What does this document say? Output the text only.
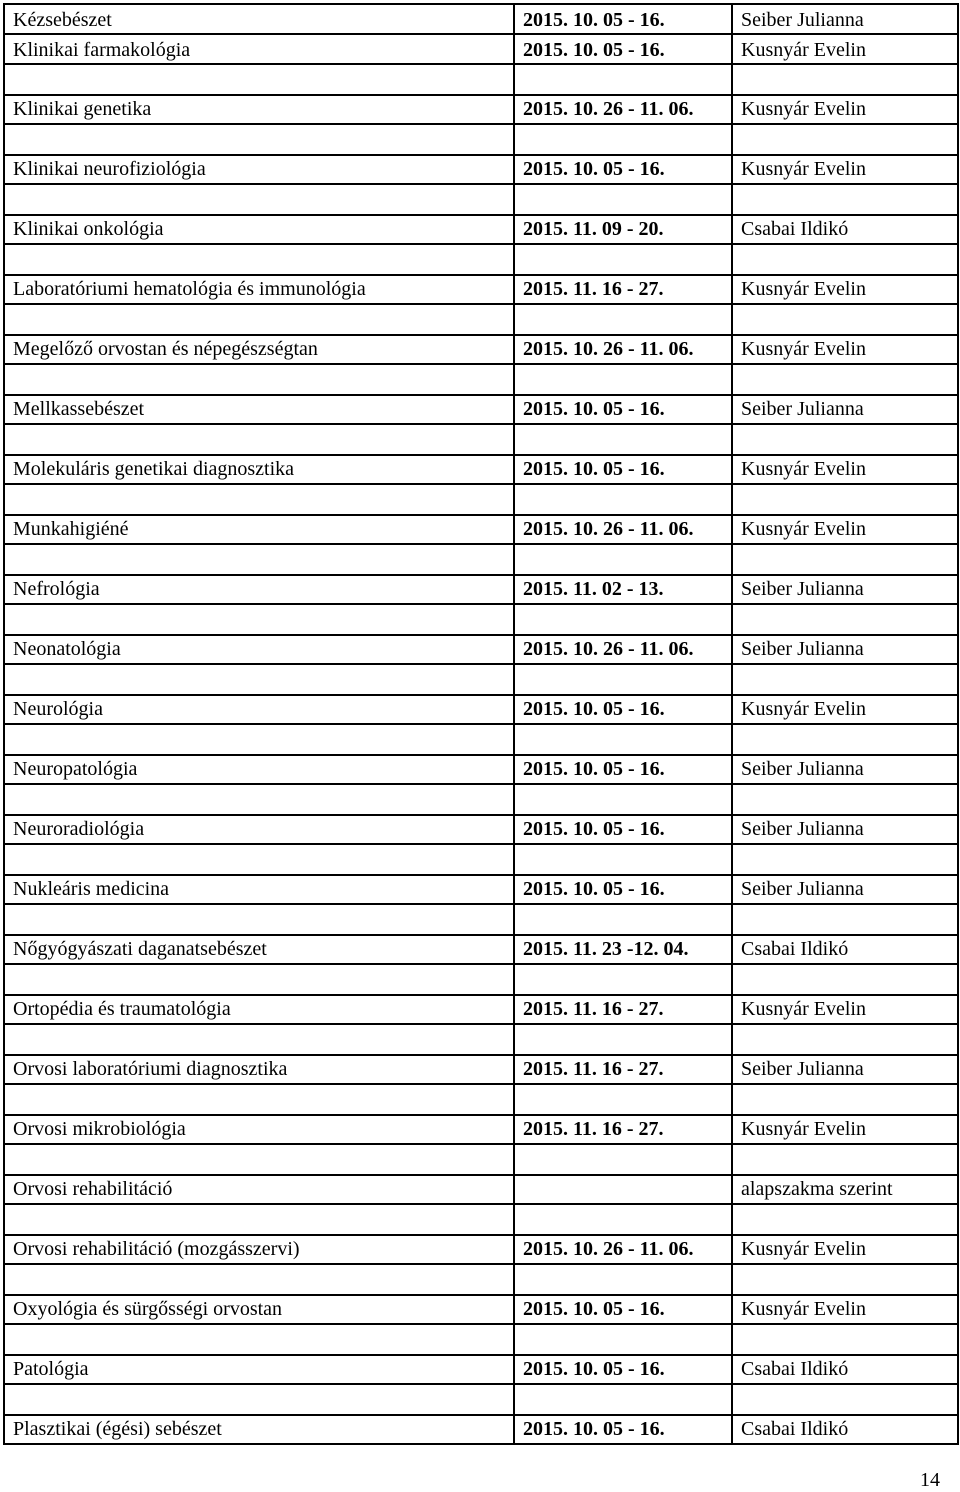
Kézsebészet	2015. 10. 05 - 16.	Seiber Julianna
Klinikai farmakológia	2015. 10. 05 - 16.	Kusnyár Evelin

Klinikai genetika	2015. 10. 26 - 11. 06.	Kusnyár Evelin

Klinikai neurofiziológia	2015. 10. 05 - 16.	Kusnyár Evelin

Klinikai onkológia	2015. 11. 09 - 20.	Csabai Ildikó

Laboratóriumi hematológia és immunológia	2015. 11. 16 - 27.	Kusnyár Evelin

Megelőző orvostan és népegészségtan	2015. 10. 26 - 11. 06.	Kusnyár Evelin

Mellkassebészet	2015. 10. 05 - 16.	Seiber Julianna

Molekuláris genetikai diagnosztika	2015. 10. 05 - 16.	Kusnyár Evelin

Munkahigiéné	2015. 10. 26 - 11. 06.	Kusnyár Evelin

Nefrológia	2015. 11. 02 - 13.	Seiber Julianna

Neonatológia	2015. 10. 26 - 11. 06.	Seiber Julianna

Neurológia	2015. 10. 05 - 16.	Kusnyár Evelin

Neuropatológia	2015. 10. 05 - 16.	Seiber Julianna

Neuroradiológia	2015. 10. 05 - 16.	Seiber Julianna

Nukleáris medicina	2015. 10. 05 - 16.	Seiber Julianna

Nőgyógyászati daganatsebészet	2015. 11. 23 -12. 04.	Csabai Ildikó

Ortopédia és traumatológia	2015. 11. 16 - 27.	Kusnyár Evelin

Orvosi laboratóriumi diagnosztika	2015. 11. 16 - 27.	Seiber Julianna

Orvosi mikrobiológia	2015. 11. 16 - 27.	Kusnyár Evelin

Orvosi rehabilitáció		alapszakma szerint

Orvosi rehabilitáció (mozgásszervi)	2015. 10. 26 - 11. 06.	Kusnyár Evelin

Oxyológia és sürgősségi orvostan	2015. 10. 05 - 16.	Kusnyár Evelin

Patológia	2015. 10. 05 - 16.	Csabai Ildikó

Plasztikai (égési) sebészet	2015. 10. 05 - 16.	Csabai Ildikó
14
